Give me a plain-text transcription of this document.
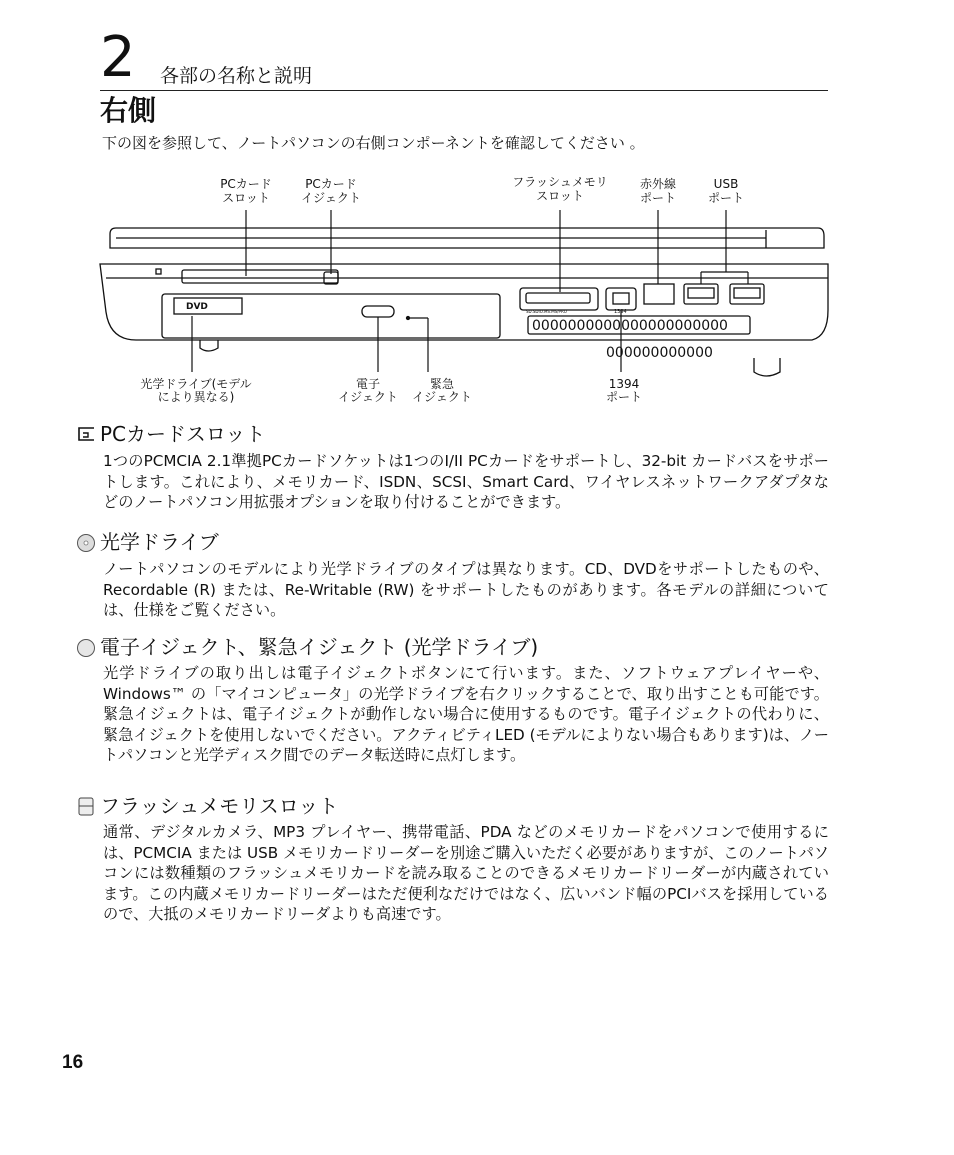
2 各部の名称と説明
右側
下の図を参照して、ノートパソコンの右側コンポーネントを確認してください 。
PCカード
スロット
PCカード
イジェクト
フラッシュメモリ
スロット
赤外線
ポート
USB
ポート
光学ドライブ(モデル
により異なる)
電子
イジェクト
緊急
イジェクト
1394
ポート
DVD	SD.SDIO.MS.MS/PRO	1394
0000000000000000000000
000000000000
PCカードスロット
1つのPCMCIA 2.1準拠PCカードソケットは1つのI/II PCカードをサポートし、32-bit カードバスをサポートします。これにより、メモリカード、ISDN、SCSI、Smart Card、ワイヤレスネットワークアダプタなどのノートパソコン用拡張オプションを取り付けることができます。
光学ドライブ
ノートパソコンのモデルにより光学ドライブのタイプは異なります。CD、DVDをサポートしたものや、Recordable (R) または、Re-Writable (RW) をサポートしたものがあります。各モデルの詳細については、仕様をご覧ください。
電子イジェクト、緊急イジェクト (光学ドライブ)
光学ドライブの取り出しは電子イジェクトボタンにて行います。また、ソフトウェアプレイヤーや、 Windows™ の「マイコンピュータ」の光学ドライブを右クリックすることで、取り出すことも可能です。緊急イジェクトは、電子イジェクトが動作しない場合に使用するものです。電子イジェクトの代わりに、緊急イジェクトを使用しないでください。アクティビティLED (モデルによりない場合もあります)は、ノートパソコンと光学ディスク間でのデータ転送時に点灯します。
フラッシュメモリスロット
通常、デジタルカメラ、MP3 プレイヤー、携帯電話、PDA などのメモリカードをパソコンで使用するには、PCMCIA または USB メモリカードリーダーを別途ご購入いただく必要がありますが、このノートパソコンには数種類のフラッシュメモリカードを読み取ることのできるメモリカードリーダーが内蔵されています。この内蔵メモリカードリーダーはただ便利なだけではなく、広いバンド幅のPCIバスを採用しているので、大抵のメモリカードリーダよりも高速です。
16
